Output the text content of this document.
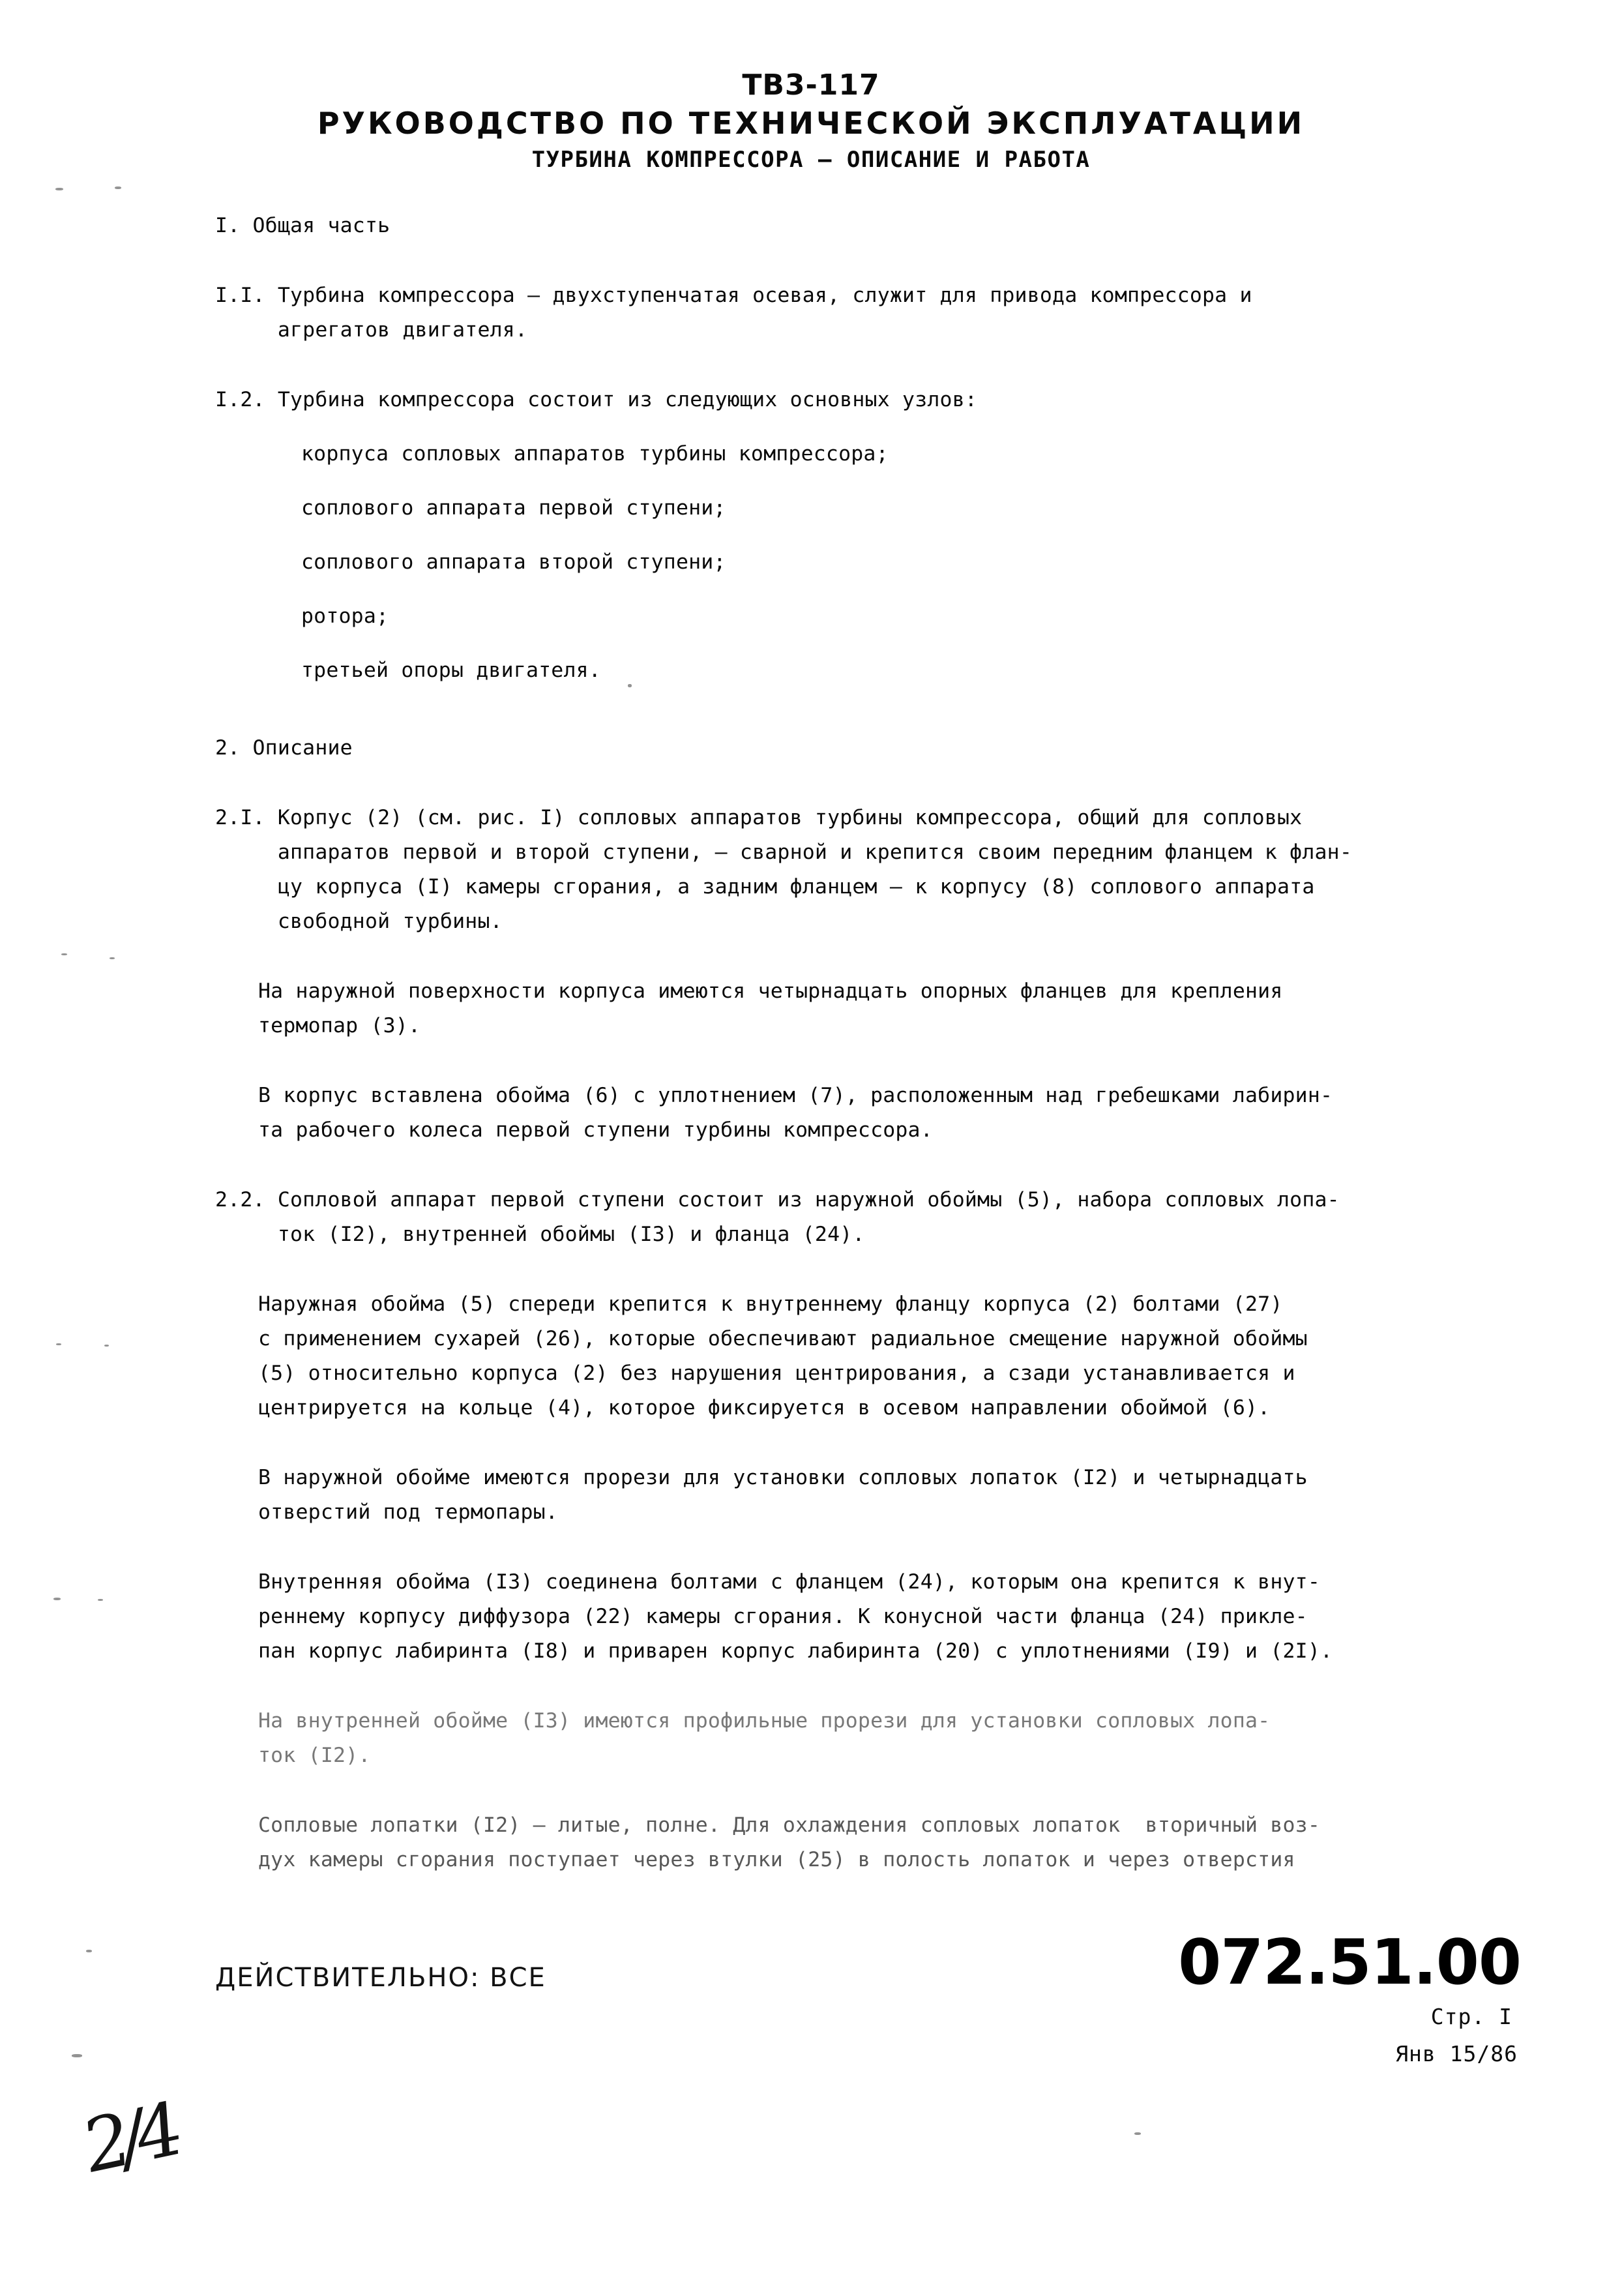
ТВ3-117
РУКОВОДСТВО ПО ТЕХНИЧЕСКОЙ ЭКСПЛУАТАЦИИ
ТУРБИНА КОМПРЕССОРА – ОПИСАНИЕ И РАБОТА
I. Общая часть
I.I. Турбина компрессора – двухступенчатая осевая, служит для привода компрессора и
агрегатов двигателя.
I.2. Турбина компрессора состоит из следующих основных узлов:
корпуса сопловых аппаратов турбины компрессора;
соплового аппарата первой ступени;
соплового аппарата второй ступени;
ротора;
третьей опоры двигателя.
2. Описание
2.I. Корпус (2) (см. рис. I) сопловых аппаратов турбины компрессора, общий для сопловых
аппаратов первой и второй ступени, – сварной и крепится своим передним фланцем к флан-
цу корпуса (I) камеры сгорания, а задним фланцем – к корпусу (8) соплового аппарата
свободной турбины.
На наружной поверхности корпуса имеются четырнадцать опорных фланцев для крепления
термопар (3).
В корпус вставлена обойма (6) с уплотнением (7), расположенным над гребешками лабирин-
та рабочего колеса первой ступени турбины компрессора.
2.2. Сопловой аппарат первой ступени состоит из наружной обоймы (5), набора сопловых лопа-
ток (I2), внутренней обоймы (I3) и фланца (24).
Наружная обойма (5) спереди крепится к внутреннему фланцу корпуса (2) болтами (27)
с применением сухарей (26), которые обеспечивают радиальное смещение наружной обоймы
(5) относительно корпуса (2) без нарушения центрирования, а сзади устанавливается и
центрируется на кольце (4), которое фиксируется в осевом направлении обоймой (6).
В наружной обойме имеются прорези для установки сопловых лопаток (I2) и четырнадцать
отверстий под термопары.
Внутренняя обойма (I3) соединена болтами с фланцем (24), которым она крепится к внут-
реннему корпусу диффузора (22) камеры сгорания. К конусной части фланца (24) прикле-
пан корпус лабиринта (I8) и приварен корпус лабиринта (20) с уплотнениями (I9) и (2I).
На внутренней обойме (I3) имеются профильные прорези для установки сопловых лопа-
ток (I2).
Сопловые лопатки (I2) – литые, полне. Для охлаждения сопловых лопаток  вторичный воз-
дух камеры сгорания поступает через втулки (25) в полость лопаток и через отверстия
ДЕЙСТВИТЕЛЬНО: ВСЕ	072.51.00
Стр. I
Янв 15/86
2/4
